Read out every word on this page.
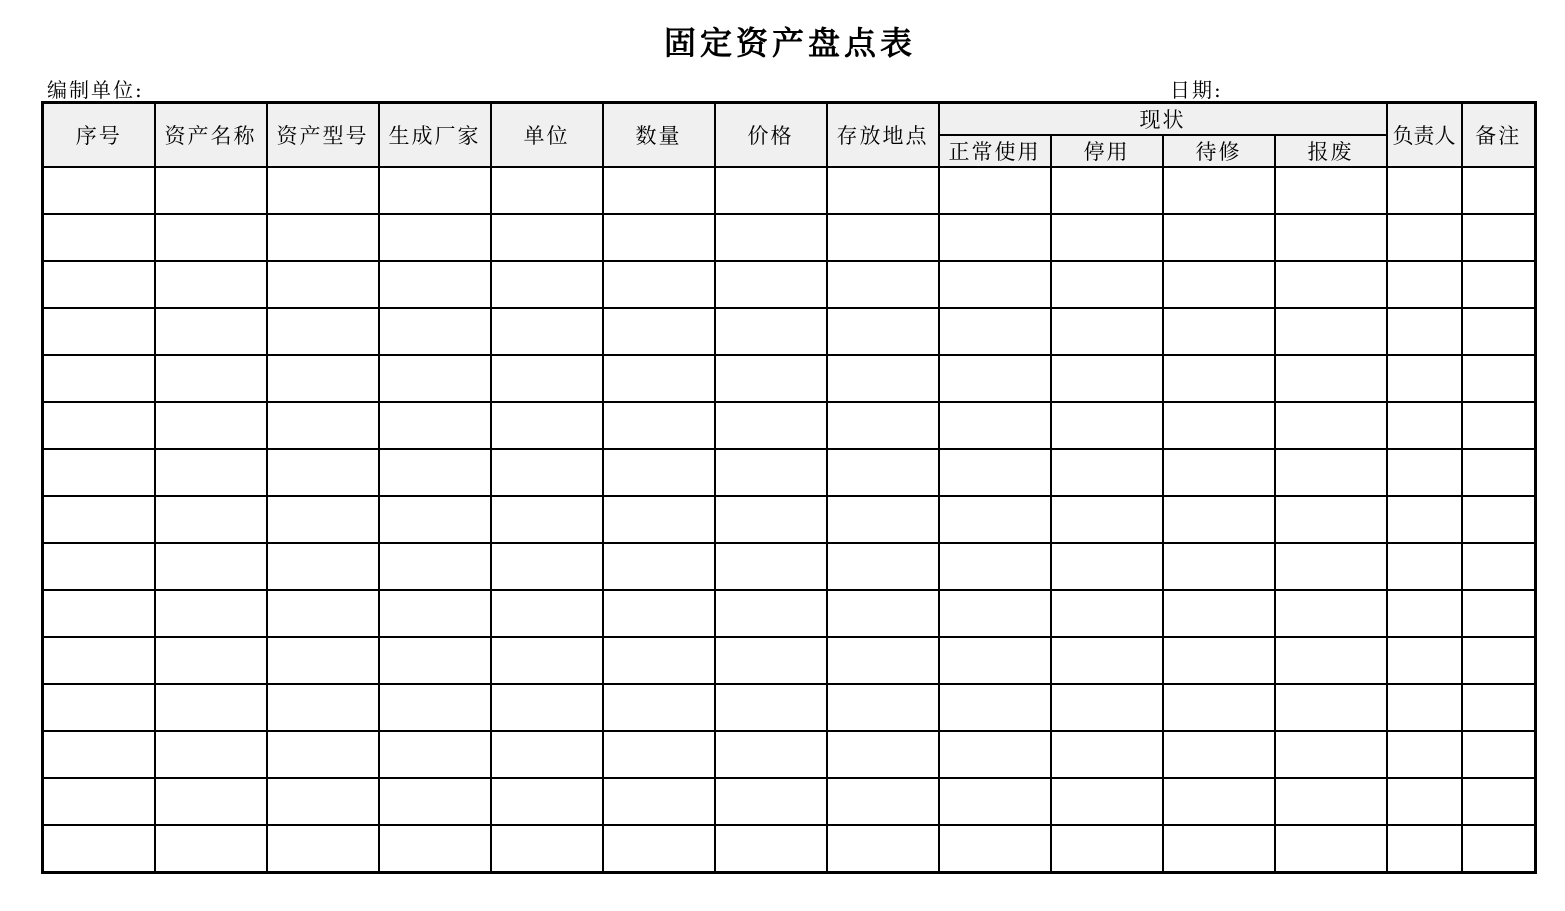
固定资产盘点表
编制单位:	日期:
序号	资产名称	资产型号	生成厂家	单位	数量	价格	存放地点	现状				负责人	备注
								正常使用	停用	待修	报废		
